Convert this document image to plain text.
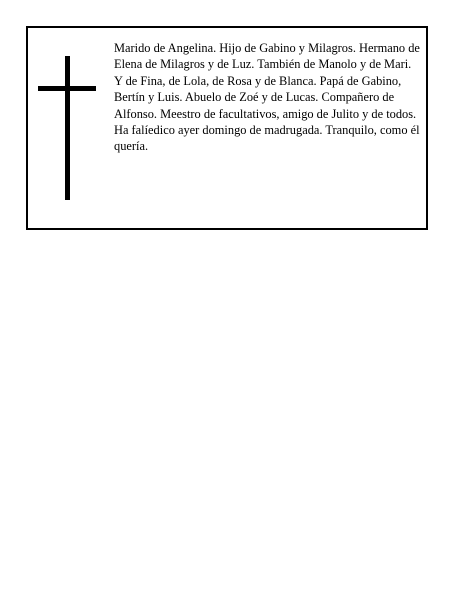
Marido de Angelina. Hijo de Gabino y Milagros. Hermano de Elena de Milagros y de Luz. También de Manolo y de Mari. Y de Fina, de Lola, de Rosa y de Blanca. Papá de Gabino, Bertín y Luis. Abuelo de Zoé y de Lucas. Compañero de Alfonso. Meestro de facultativos, amigo de Julito y de todos.

Ha falíedico ayer domingo de madrugada. Tranquilo, como él quería.
